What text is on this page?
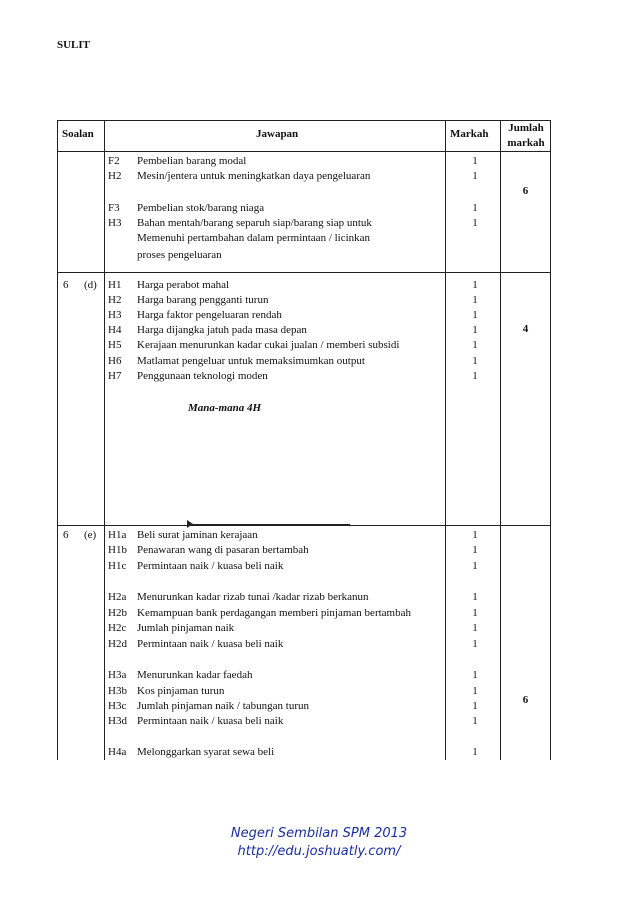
SULIT
Soalan	Jawapan	Markah	Jumlah
markah
F2 Pembelian barang modal	1
H2 Mesin/jentera untuk meningkatkan daya pengeluaran	1
F3 Pembelian stok/barang niaga	1
H3 Bahan mentah/barang separuh siap/barang siap untuk	1
Memenuhi pertambahan dalam permintaan / licinkan
proses pengeluaran
6
6 (d) H1 Harga perabot mahal	1
H2 Harga barang pengganti turun	1
H3 Harga faktor pengeluaran rendah	1
H4 Harga dijangka jatuh pada masa depan	1
H5 Kerajaan menurunkan kadar cukai jualan / memberi subsidi	1
H6 Matlamat pengeluar untuk memaksimumkan output	1
H7 Penggunaan teknologi moden	1
4
Mana-mana 4H
6 (e) H1a Beli surat jaminan kerajaan	1
H1b Penawaran wang di pasaran bertambah	1
H1c Permintaan naik / kuasa beli naik	1
H2a Menurunkan kadar rizab tunai /kadar rizab berkanun	1
H2b Kemampuan bank perdagangan memberi pinjaman bertambah	1
H2c Jumlah pinjaman naik	1
H2d Permintaan naik / kuasa beli naik	1
H3a Menurunkan kadar faedah	1
H3b Kos pinjaman turun	1
H3c Jumlah pinjaman naik / tabungan turun	1
H3d Permintaan naik / kuasa beli naik	1
H4a Melonggarkan syarat sewa beli	1
6
Negeri Sembilan SPM 2013
http://edu.joshuatly.com/
